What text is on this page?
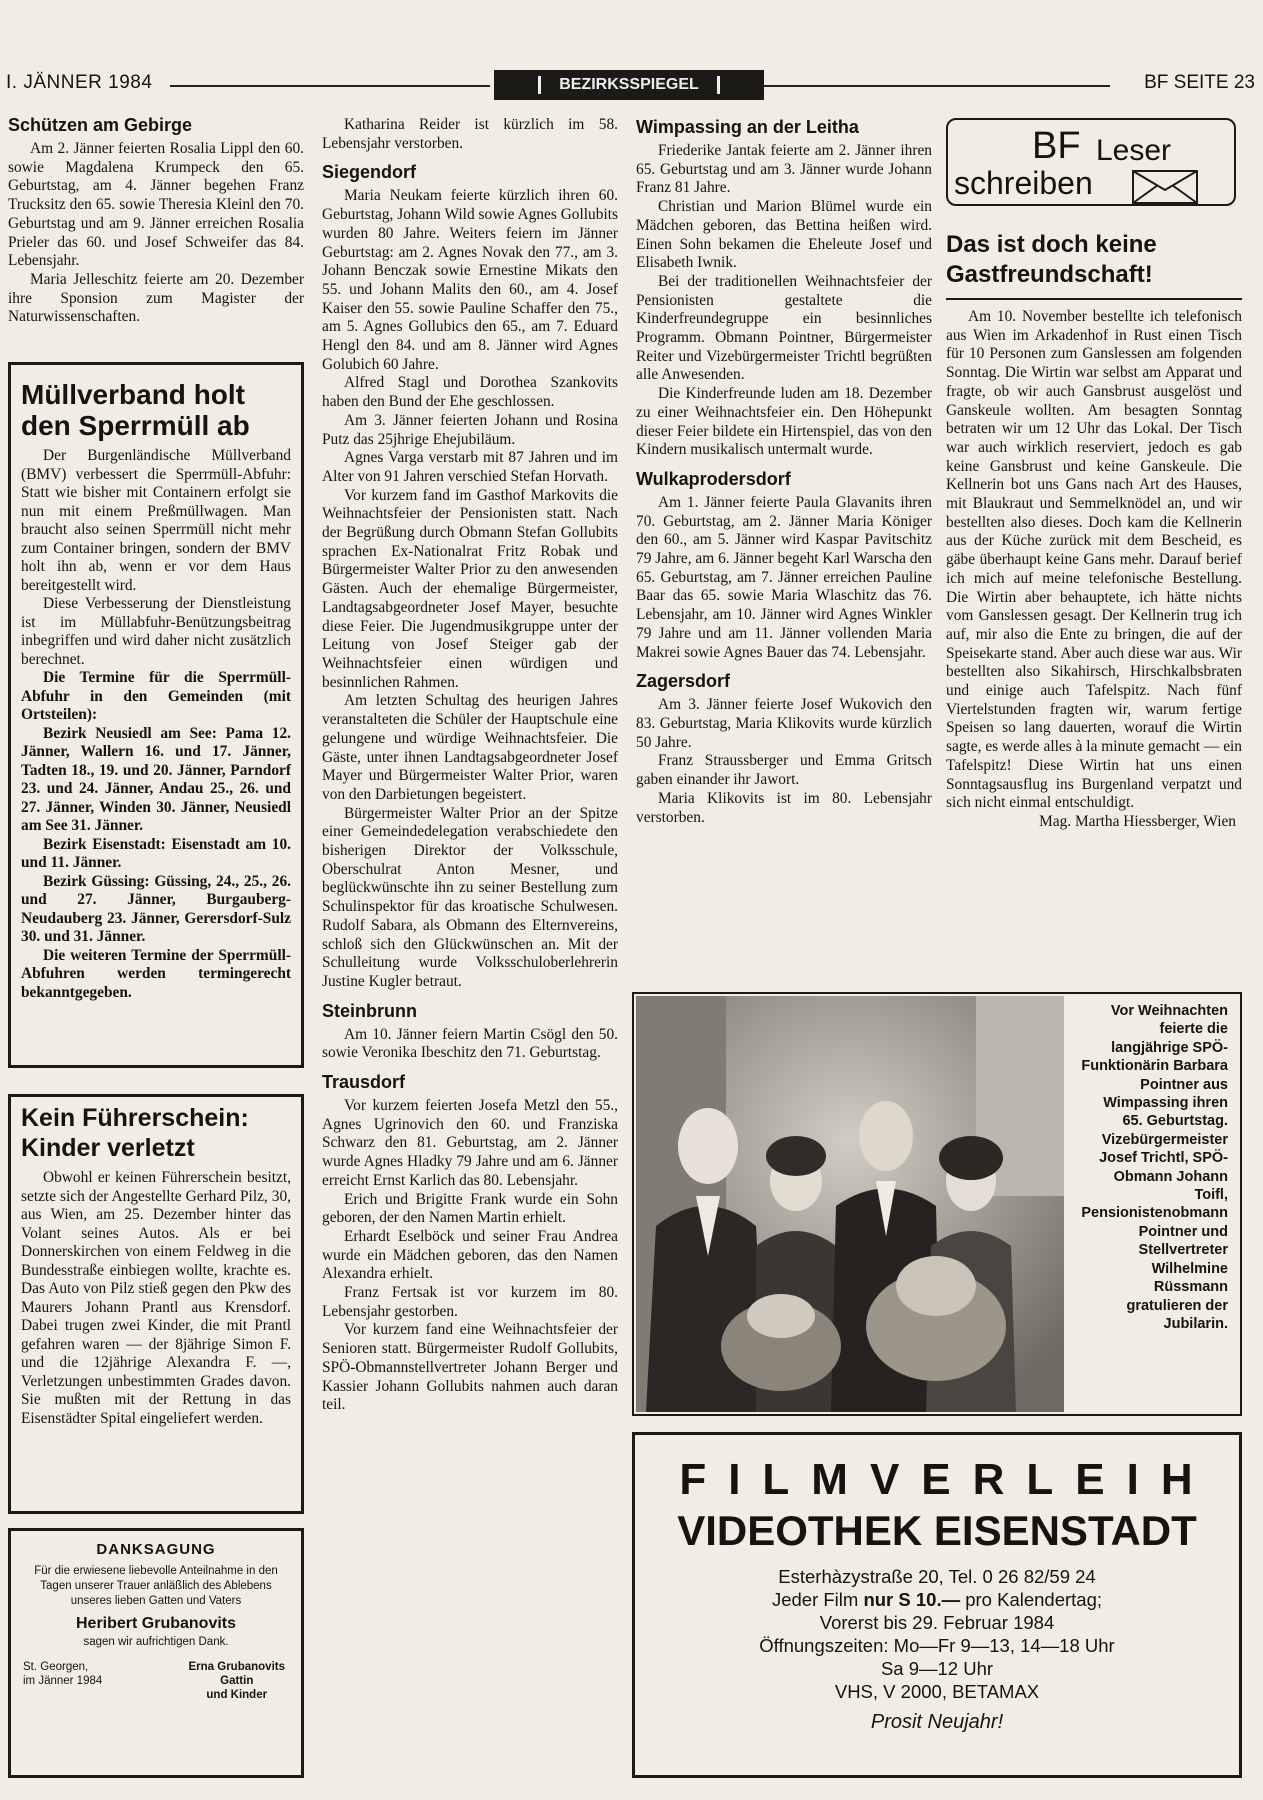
I. JÄNNER 1984	BEZIRKSSPIEGEL	BF SEITE 23
Schützen am Gebirge

Am 2. Jänner feierten Rosalia Lippl den 60. sowie Magdalena Krumpeck den 65. Geburtstag, am 4. Jänner begehen Franz Trucksitz den 65. sowie Theresia Kleinl den 70. Geburtstag und am 9. Jänner erreichen Rosalia Prieler das 60. und Josef Schweifer das 84. Lebensjahr.

Maria Jelleschitz feierte am 20. Dezember ihre Sponsion zum Magister der Naturwissenschaften.

Müllverband holt den Sperrmüll ab

Der Burgenländische Müllverband (BMV) verbessert die Sperrmüll-Abfuhr: Statt wie bisher mit Containern erfolgt sie nun mit einem Preßmüllwagen. Man braucht also seinen Sperrmüll nicht mehr zum Container bringen, sondern der BMV holt ihn ab, wenn er vor dem Haus bereitgestellt wird.

Diese Verbesserung der Dienstleistung ist im Müllabfuhr-Benützungsbeitrag inbegriffen und wird daher nicht zusätzlich berechnet.

Die Termine für die Sperrmüll-Abfuhr in den Gemeinden (mit Ortsteilen):

Bezirk Neusiedl am See: Pama 12. Jänner, Wallern 16. und 17. Jänner, Tadten 18., 19. und 20. Jänner, Parndorf 23. und 24. Jänner, Andau 25., 26. und 27. Jänner, Winden 30. Jänner, Neusiedl am See 31. Jänner.

Bezirk Eisenstadt: Eisenstadt am 10. und 11. Jänner.

Bezirk Güssing: Güssing, 24., 25., 26. und 27. Jänner, Burgauberg-Neudauberg 23. Jänner, Gerersdorf-Sulz 30. und 31. Jänner.

Die weiteren Termine der Sperrmüll-Abfuhren werden termingerecht bekanntgegeben.

Kein Führerschein: Kinder verletzt

Obwohl er keinen Führerschein besitzt, setzte sich der Angestellte Gerhard Pilz, 30, aus Wien, am 25. Dezember hinter das Volant seines Autos. Als er bei Donnerskirchen von einem Feldweg in die Bundesstraße einbiegen wollte, krachte es. Das Auto von Pilz stieß gegen den Pkw des Maurers Johann Prantl aus Krensdorf. Dabei trugen zwei Kinder, die mit Prantl gefahren waren — der 8jährige Simon F. und die 12jährige Alexandra F. —, Verletzungen unbestimmten Grades davon. Sie mußten mit der Rettung in das Eisenstädter Spital eingeliefert werden.

DANKSAGUNG
Für die erwiesene liebevolle Anteilnahme in den Tagen unserer Trauer anläßlich des Ablebens unseres lieben Gatten und Vaters
Heribert Grubanovits
sagen wir aufrichtigen Dank.
St. Georgen,
im Jänner 1984
Erna Grubanovits
Gattin
und Kinder

Katharina Reider ist kürzlich im 58. Lebensjahr verstorben.

Siegendorf

Maria Neukam feierte kürzlich ihren 60. Geburtstag, Johann Wild sowie Agnes Gollubits wurden 80 Jahre. Weiters feiern im Jänner Geburtstag: am 2. Agnes Novak den 77., am 3. Johann Benczak sowie Ernestine Mikats den 55. und Johann Malits den 60., am 4. Josef Kaiser den 55. sowie Pauline Schaffer den 75., am 5. Agnes Gollubics den 65., am 7. Eduard Hengl den 84. und am 8. Jänner wird Agnes Golubich 60 Jahre.

Alfred Stagl und Dorothea Szankovits haben den Bund der Ehe geschlossen.

Am 3. Jänner feierten Johann und Rosina Putz das 25jhrige Ehejubiläum.

Agnes Varga verstarb mit 87 Jahren und im Alter von 91 Jahren verschied Stefan Horvath.

Vor kurzem fand im Gasthof Markovits die Weihnachtsfeier der Pensionisten statt. Nach der Begrüßung durch Obmann Stefan Gollubits sprachen Ex-Nationalrat Fritz Robak und Bürgermeister Walter Prior zu den anwesenden Gästen. Auch der ehemalige Bürgermeister, Landtagsabgeordneter Josef Mayer, besuchte diese Feier. Die Jugendmusikgruppe unter der Leitung von Josef Steiger gab der Weihnachtsfeier einen würdigen und besinnlichen Rahmen.

Am letzten Schultag des heurigen Jahres veranstalteten die Schüler der Hauptschule eine gelungene und würdige Weihnachtsfeier. Die Gäste, unter ihnen Landtagsabgeordneter Josef Mayer und Bürgermeister Walter Prior, waren von den Darbietungen begeistert.

Bürgermeister Walter Prior an der Spitze einer Gemeindedelegation verabschiedete den bisherigen Direktor der Volksschule, Oberschulrat Anton Mesner, und beglückwünschte ihn zu seiner Bestellung zum Schulinspektor für das kroatische Schulwesen. Rudolf Sabara, als Obmann des Elternvereins, schloß sich den Glückwünschen an. Mit der Schulleitung wurde Volksschuloberlehrerin Justine Kugler betraut.

Steinbrunn

Am 10. Jänner feiern Martin Csögl den 50. sowie Veronika Ibeschitz den 71. Geburtstag.

Trausdorf

Vor kurzem feierten Josefa Metzl den 55., Agnes Ugrinovich den 60. und Franziska Schwarz den 81. Geburtstag, am 2. Jänner wurde Agnes Hladky 79 Jahre und am 6. Jänner erreicht Ernst Karlich das 80. Lebensjahr.

Erich und Brigitte Frank wurde ein Sohn geboren, der den Namen Martin erhielt.

Erhardt Eselböck und seiner Frau Andrea wurde ein Mädchen geboren, das den Namen Alexandra erhielt.

Franz Fertsak ist vor kurzem im 80. Lebensjahr gestorben.

Vor kurzem fand eine Weihnachtsfeier der Senioren statt. Bürgermeister Rudolf Gollubits, SPÖ-Obmannstellvertreter Johann Berger und Kassier Johann Gollubits nahmen auch daran teil.

Wimpassing an der Leitha

Friederike Jantak feierte am 2. Jänner ihren 65. Geburtstag und am 3. Jänner wurde Johann Franz 81 Jahre.

Christian und Marion Blümel wurde ein Mädchen geboren, das Bettina heißen wird. Einen Sohn bekamen die Eheleute Josef und Elisabeth Iwnik.

Bei der traditionellen Weihnachtsfeier der Pensionisten gestaltete die Kinderfreundegruppe ein besinnliches Programm. Obmann Pointner, Bürgermeister Reiter und Vizebürgermeister Trichtl begrüßten alle Anwesenden.

Die Kinderfreunde luden am 18. Dezember zu einer Weihnachtsfeier ein. Den Höhepunkt dieser Feier bildete ein Hirtenspiel, das von den Kindern musikalisch untermalt wurde.

Wulkaprodersdorf

Am 1. Jänner feierte Paula Glavanits ihren 70. Geburtstag, am 2. Jänner Maria Königer den 60., am 5. Jänner wird Kaspar Pavitschitz 79 Jahre, am 6. Jänner begeht Karl Warscha den 65. Geburtstag, am 7. Jänner erreichen Pauline Baar das 65. sowie Maria Wlaschitz das 76. Lebensjahr, am 10. Jänner wird Agnes Winkler 79 Jahre und am 11. Jänner vollenden Maria Makrei sowie Agnes Bauer das 74. Lebensjahr.

Zagersdorf

Am 3. Jänner feierte Josef Wukovich den 83. Geburtstag, Maria Klikovits wurde kürzlich 50 Jahre.

Franz Straussberger und Emma Gritsch gaben einander ihr Jawort.

Maria Klikovits ist im 80. Lebensjahr verstorben.

BF Leser
schreiben
Das ist doch keine Gastfreundschaft!

Am 10. November bestellte ich telefonisch aus Wien im Arkadenhof in Rust einen Tisch für 10 Personen zum Ganslessen am folgenden Sonntag. Die Wirtin war selbst am Apparat und fragte, ob wir auch Gansbrust ausgelöst und Ganskeule wollten. Am besagten Sonntag betraten wir um 12 Uhr das Lokal. Der Tisch war auch wirklich reserviert, jedoch es gab keine Gansbrust und keine Ganskeule. Die Kellnerin bot uns Gans nach Art des Hauses, mit Blaukraut und Semmelknödel an, und wir bestellten also dieses. Doch kam die Kellnerin aus der Küche zurück mit dem Bescheid, es gäbe überhaupt keine Gans mehr. Darauf berief ich mich auf meine telefonische Bestellung. Die Wirtin aber behauptete, ich hätte nichts vom Ganslessen gesagt. Der Kellnerin trug ich auf, mir also die Ente zu bringen, die auf der Speisekarte stand. Aber auch diese war aus. Wir bestellten also Sikahirsch, Hirschkalbsbraten und einige auch Tafelspitz. Nach fünf Viertelstunden fragten wir, warum fertige Speisen so lang dauerten, worauf die Wirtin sagte, es werde alles à la minute gemacht — ein Tafelspitz! Diese Wirtin hat uns einen Sonntagsausflug ins Burgenland verpatzt und sich nicht einmal entschuldigt.

Mag. Martha Hiessberger, Wien

Vor Weihnachten feierte die langjährige SPÖ-Funktionärin Barbara Pointner aus Wimpassing ihren 65. Geburtstag. Vizebürgermeister Josef Trichtl, SPÖ-Obmann Johann Toifl, Pensionistenobmann Pointner und Stellvertreter Wilhelmine Rüssmann gratulieren der Jubilarin.
FILMVERLEIH
VIDEOTHEK EISENSTADT
Esterhàzystraße 20, Tel. 0 26 82/59 24
Jeder Film nur S 10.— pro Kalendertag;
Vorerst bis 29. Februar 1984
Öffnungszeiten: Mo—Fr 9—13, 14—18 Uhr
Sa 9—12 Uhr
VHS, V 2000, BETAMAX
Prosit Neujahr!
